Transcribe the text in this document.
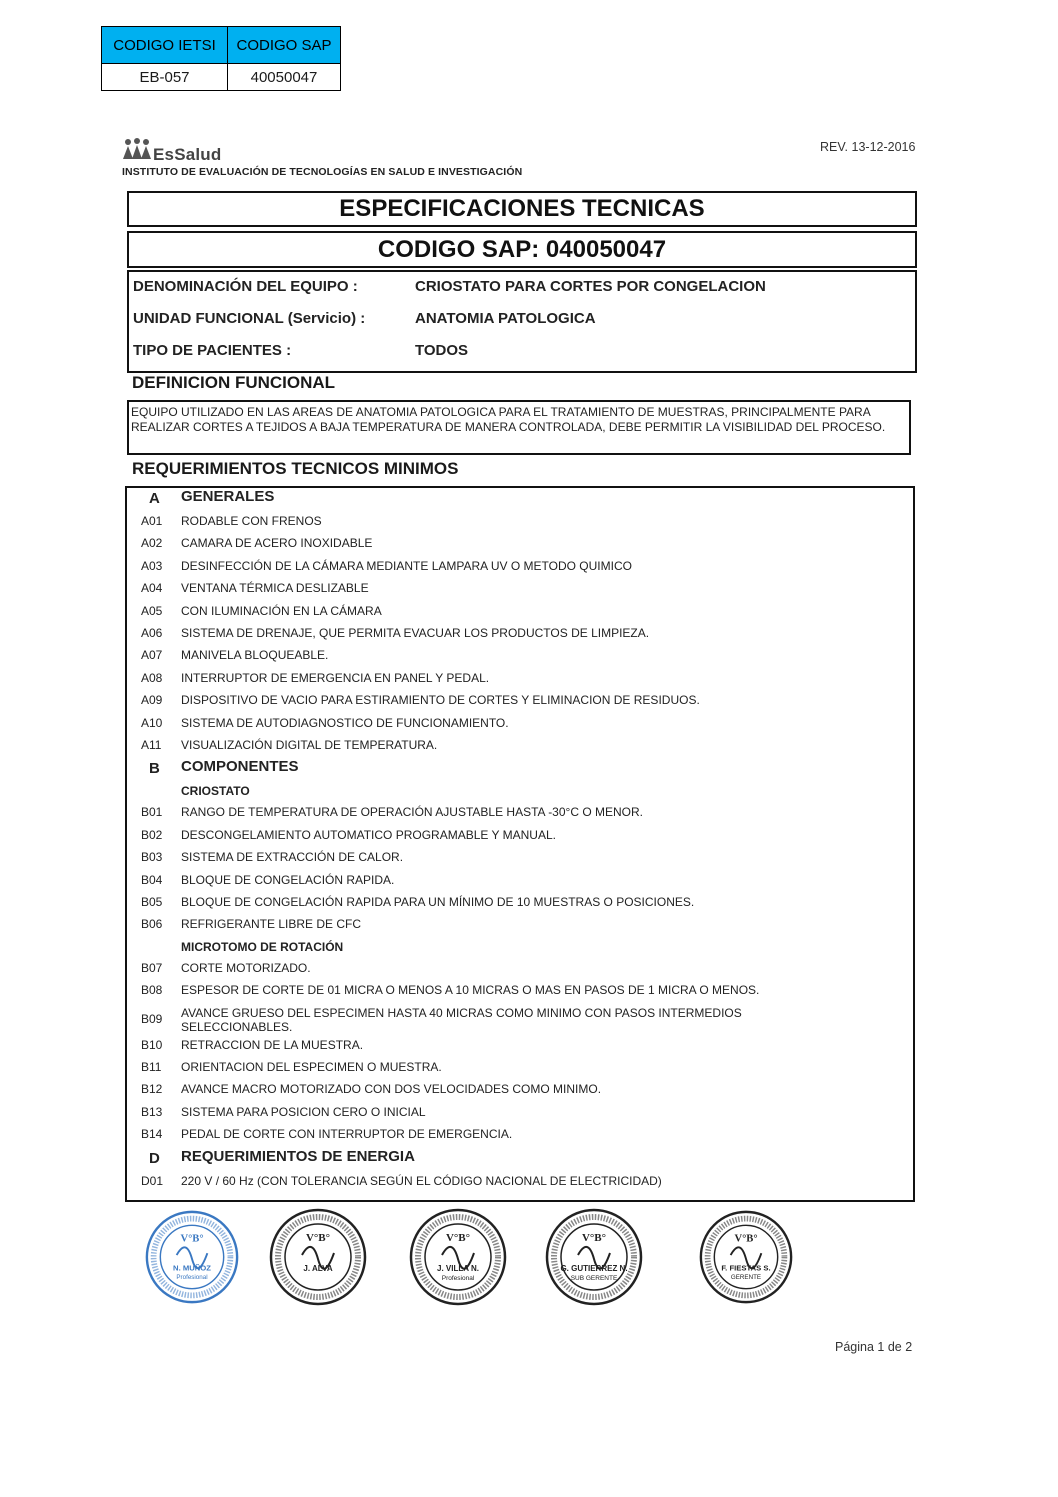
CODIGO IETSI	CODIGO SAP
EB-057	40050047
EsSalud
INSTITUTO DE EVALUACIÓN DE TECNOLOGÍAS EN SALUD E INVESTIGACIÓN
REV. 13-12-2016
ESPECIFICACIONES TECNICAS
CODIGO SAP: 040050047
DENOMINACIÓN DEL EQUIPO :	CRIOSTATO PARA CORTES POR CONGELACION
UNIDAD FUNCIONAL (Servicio) :	ANATOMIA PATOLOGICA
TIPO DE PACIENTES :	TODOS
DEFINICION FUNCIONAL
EQUIPO UTILIZADO EN LAS AREAS DE ANATOMIA PATOLOGICA PARA EL TRATAMIENTO DE MUESTRAS, PRINCIPALMENTE PARA REALIZAR CORTES A TEJIDOS A BAJA TEMPERATURA DE MANERA CONTROLADA, DEBE PERMITIR LA VISIBILIDAD DEL PROCESO.
REQUERIMIENTOS TECNICOS MINIMOS
A	GENERALES
A01	RODABLE CON FRENOS
A02	CAMARA DE ACERO INOXIDABLE
A03	DESINFECCIÓN DE LA CÁMARA MEDIANTE LAMPARA UV O METODO QUIMICO
A04	VENTANA TÉRMICA DESLIZABLE
A05	CON ILUMINACIÓN EN LA CÁMARA
A06	SISTEMA DE DRENAJE, QUE PERMITA EVACUAR LOS PRODUCTOS DE LIMPIEZA.
A07	MANIVELA BLOQUEABLE.
A08	INTERRUPTOR DE EMERGENCIA EN PANEL Y PEDAL.
A09	DISPOSITIVO DE VACIO PARA ESTIRAMIENTO DE CORTES Y ELIMINACION DE RESIDUOS.
A10	SISTEMA DE AUTODIAGNOSTICO DE FUNCIONAMIENTO.
A11	VISUALIZACIÓN DIGITAL DE TEMPERATURA.
B	COMPONENTES
CRIOSTATO
B01	RANGO DE TEMPERATURA DE OPERACIÓN AJUSTABLE HASTA -30°C O MENOR.
B02	DESCONGELAMIENTO AUTOMATICO PROGRAMABLE Y MANUAL.
B03	SISTEMA DE EXTRACCIÓN DE CALOR.
B04	BLOQUE DE CONGELACIÓN RAPIDA.
B05	BLOQUE DE CONGELACIÓN RAPIDA PARA UN MÍNIMO DE 10 MUESTRAS O POSICIONES.
B06	REFRIGERANTE LIBRE DE CFC
MICROTOMO DE ROTACIÓN
B07	CORTE MOTORIZADO.
B08	ESPESOR DE CORTE DE 01 MICRA O MENOS A 10 MICRAS O MAS EN PASOS DE 1 MICRA O MENOS.
B09	AVANCE GRUESO DEL ESPECIMEN HASTA 40 MICRAS COMO MINIMO CON PASOS INTERMEDIOS SELECCIONABLES.
B10	RETRACCION DE LA MUESTRA.
B11	ORIENTACION DEL ESPECIMEN O MUESTRA.
B12	AVANCE MACRO MOTORIZADO CON DOS VELOCIDADES COMO MINIMO.
B13	SISTEMA PARA POSICION CERO O INICIAL
B14	PEDAL DE CORTE CON INTERRUPTOR DE EMERGENCIA.
D	REQUERIMIENTOS DE ENERGIA
D01	220 V / 60 Hz (CON TOLERANCIA SEGÚN EL CÓDIGO NACIONAL DE ELECTRICIDAD)
V°B°
N. MUÑOZ
Profesional
V°B°
J. ALVA
V°B°
J. VILLA N.
Profesional
V°B°
G. GUTIERREZ N.
SUB GERENTE
V°B°
F. FIESTAS S.
GERENTE
Página 1 de 2
